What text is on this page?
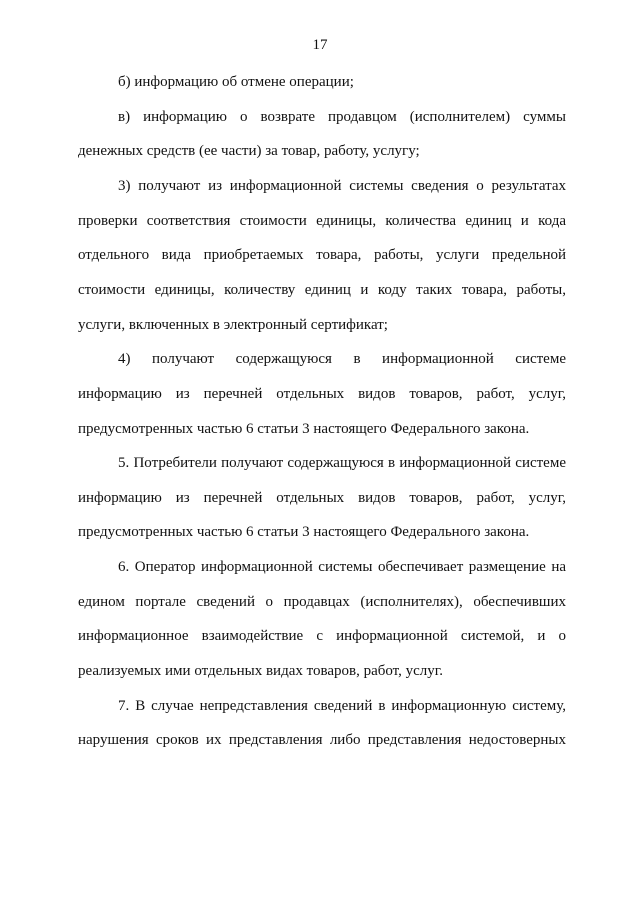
17
б) информацию об отмене операции;
в) информацию о возврате продавцом (исполнителем) суммы
денежных средств (ее части) за товар, работу, услугу;
3) получают из информационной системы сведения о результатах
проверки соответствия стоимости единицы, количества единиц и кода
отдельного вида приобретаемых товара, работы, услуги предельной
стоимости единицы, количеству единиц и коду таких товара, работы,
услуги, включенных в электронный сертификат;
4) получают содержащуюся в информационной системе
информацию из перечней отдельных видов товаров, работ, услуг,
предусмотренных частью 6 статьи 3 настоящего Федерального закона.
5. Потребители получают содержащуюся в информационной системе
информацию из перечней отдельных видов товаров, работ, услуг,
предусмотренных частью 6 статьи 3 настоящего Федерального закона.
6. Оператор информационной системы обеспечивает размещение на
едином портале сведений о продавцах (исполнителях), обеспечивших
информационное взаимодействие с информационной системой, и о
реализуемых ими отдельных видах товаров, работ, услуг.
7. В случае непредставления сведений в информационную систему,
нарушения сроков их представления либо представления недостоверных
